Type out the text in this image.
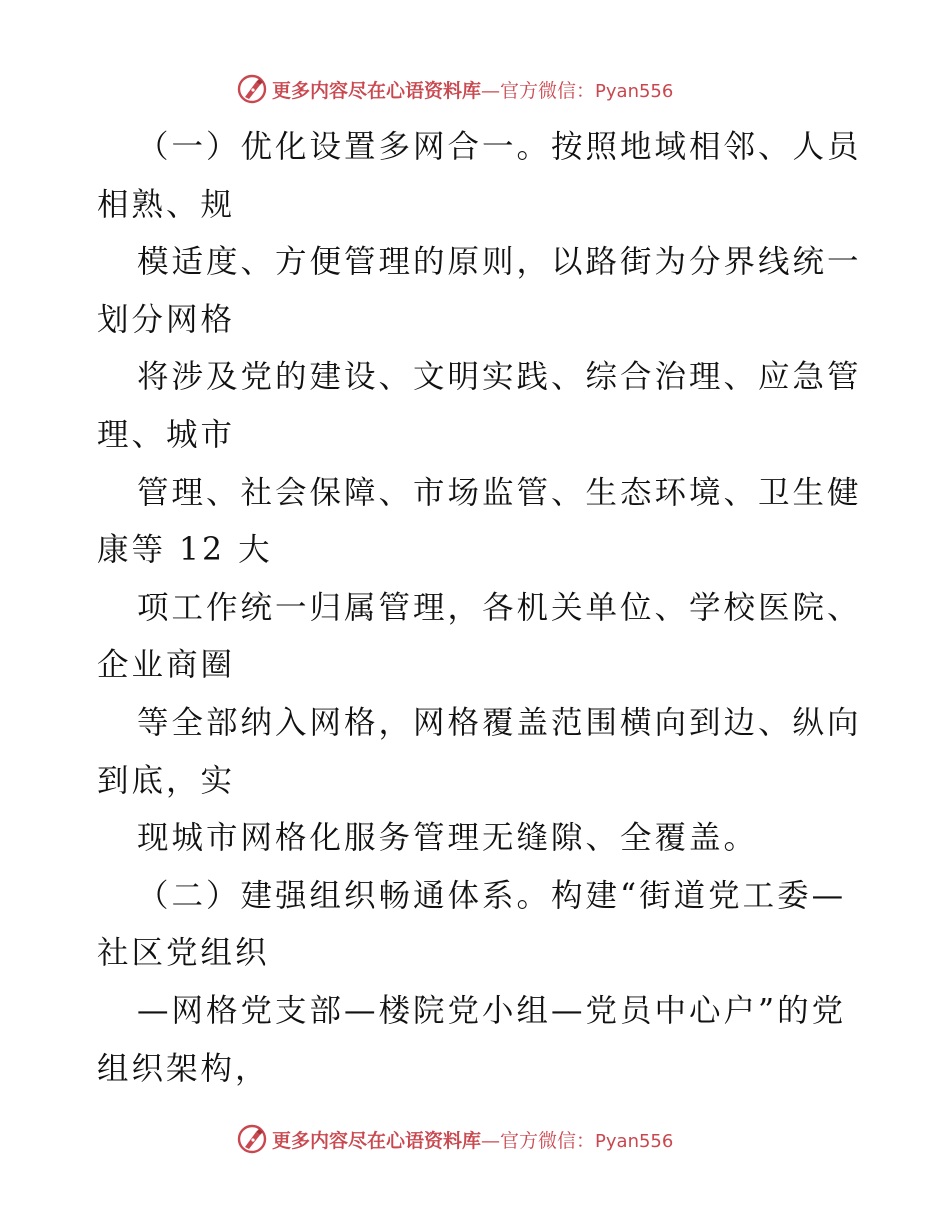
更多内容尽在心语资料库—官方微信：Pyan556
（一）优化设置多网合一。按照地域相邻、人员
相熟、规
模适度、方便管理的原则，以路街为分界线统一
划分网格
将涉及党的建设、文明实践、综合治理、应急管
理、城市
管理、社会保障、市场监管、生态环境、卫生健
康等 12 大
项工作统一归属管理，各机关单位、学校医院、
企业商圈
等全部纳入网格，网格覆盖范围横向到边、纵向
到底，实
现城市网格化服务管理无缝隙、全覆盖。
（二）建强组织畅通体系。构建“街道党工委—
社区党组织
—网格党支部—楼院党小组—党员中心户”的党
组织架构，
更多内容尽在心语资料库—官方微信：Pyan556
